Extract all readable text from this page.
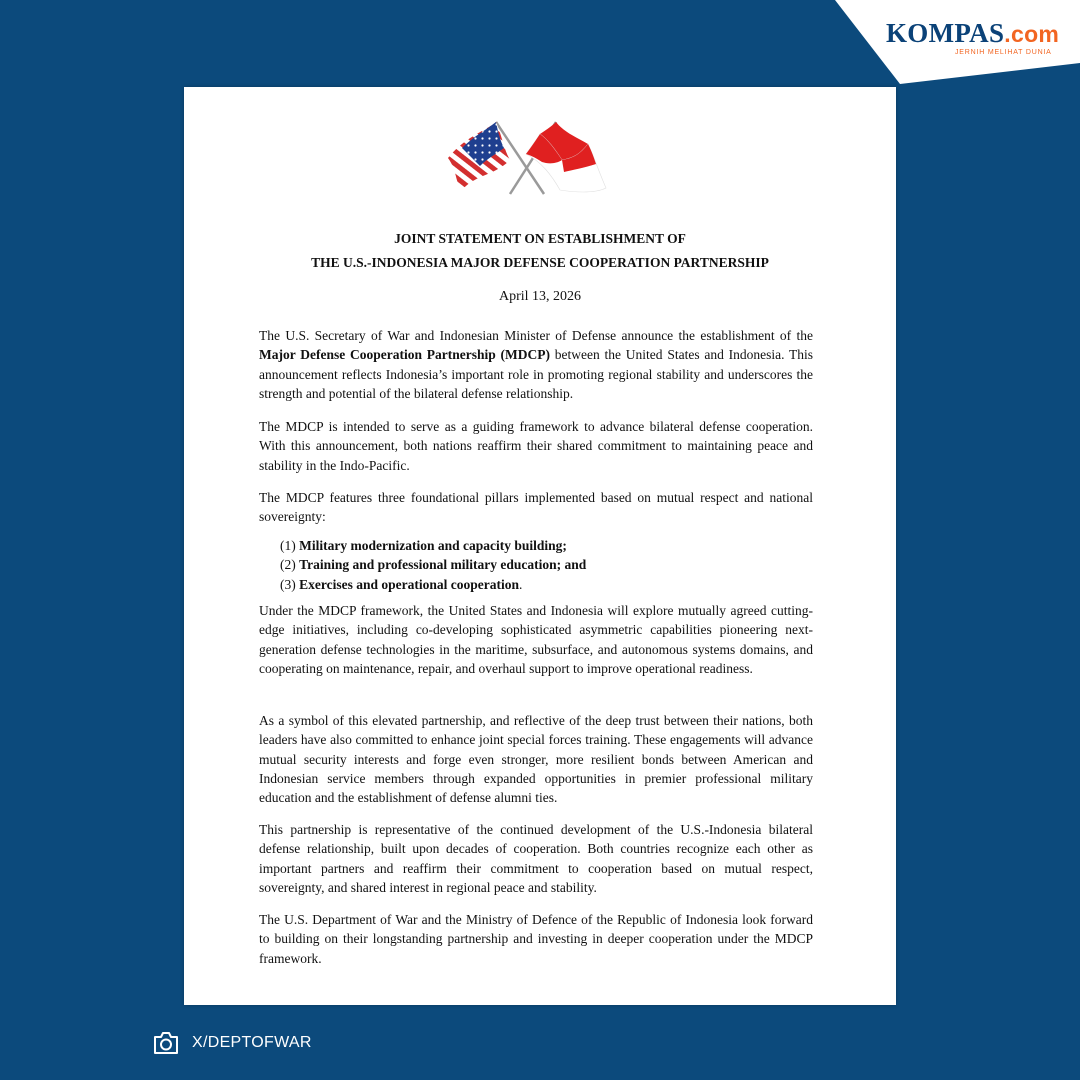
KOMPAS.com
JERNIH MELIHAT DUNIA
JOINT STATEMENT ON ESTABLISHMENT OF
THE U.S.-INDONESIA MAJOR DEFENSE COOPERATION PARTNERSHIP
April 13, 2026

The U.S. Secretary of War and Indonesian Minister of Defense announce the establishment of the Major Defense Cooperation Partnership (MDCP) between the United States and Indonesia. This announcement reflects Indonesia’s important role in promoting regional stability and underscores the strength and potential of the bilateral defense relationship.

The MDCP is intended to serve as a guiding framework to advance bilateral defense cooperation. With this announcement, both nations reaffirm their shared commitment to maintaining peace and stability in the Indo-Pacific.

The MDCP features three foundational pillars implemented based on mutual respect and national sovereignty:

(1) Military modernization and capacity building;
(2) Training and professional military education; and
(3) Exercises and operational cooperation.

Under the MDCP framework, the United States and Indonesia will explore mutually agreed cutting-edge initiatives, including co-developing sophisticated asymmetric capabilities pioneering next-generation defense technologies in the maritime, subsurface, and autonomous systems domains, and cooperating on maintenance, repair, and overhaul support to improve operational readiness.

As a symbol of this elevated partnership, and reflective of the deep trust between their nations, both leaders have also committed to enhance joint special forces training. These engagements will advance mutual security interests and forge even stronger, more resilient bonds between American and Indonesian service members through expanded opportunities in premier professional military education and the establishment of defense alumni ties.

This partnership is representative of the continued development of the U.S.-Indonesia bilateral defense relationship, built upon decades of cooperation. Both countries recognize each other as important partners and reaffirm their commitment to cooperation based on mutual respect, sovereignty, and shared interest in regional peace and stability.

The U.S. Department of War and the Ministry of Defence of the Republic of Indonesia look forward to building on their longstanding partnership and investing in deeper cooperation under the MDCP framework.

X/DEPTOFWAR
